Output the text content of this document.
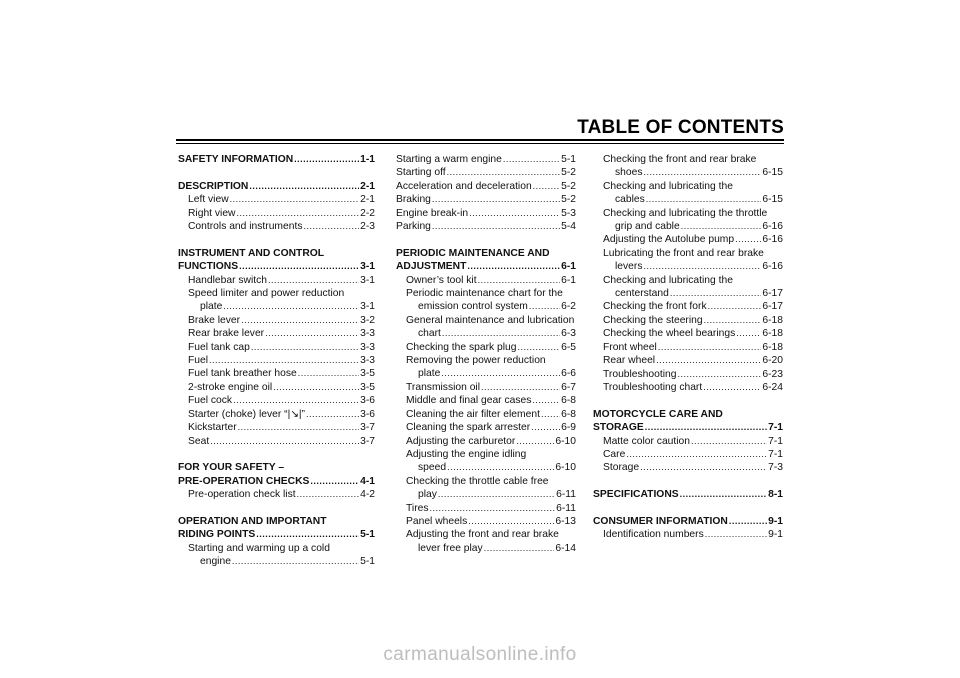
TABLE OF CONTENTS
SAFETY INFORMATION .....	1-1
DESCRIPTION .....	2-1
Left view .....	2-1
Right view .....	2-2
Controls and instruments .....	2-3
INSTRUMENT AND CONTROL
FUNCTIONS .....	3-1
Handlebar switch .....	3-1
Speed limiter and power reduction
plate .....	3-1
Brake lever .....	3-2
Rear brake lever .....	3-3
Fuel tank cap .....	3-3
Fuel .....	3-3
Fuel tank breather hose .....	3-5
2-stroke engine oil .....	3-5
Fuel cock .....	3-6
Starter (choke) lever “|↘|” .....	3-6
Kickstarter .....	3-7
Seat .....	3-7
FOR YOUR SAFETY –
PRE-OPERATION CHECKS .....	4-1
Pre-operation check list .....	4-2
OPERATION AND IMPORTANT
RIDING POINTS .....	5-1
Starting and warming up a cold
engine .....	5-1
Starting a warm engine .....	5-1
Starting off .....	5-2
Acceleration and deceleration .....	5-2
Braking .....	5-2
Engine break-in .....	5-3
Parking .....	5-4
PERIODIC MAINTENANCE AND
ADJUSTMENT .....	6-1
Owner’s tool kit .....	6-1
Periodic maintenance chart for the
emission control system .....	6-2
General maintenance and lubrication
chart .....	6-3
Checking the spark plug .....	6-5
Removing the power reduction
plate .....	6-6
Transmission oil .....	6-7
Middle and final gear cases .....	6-8
Cleaning the air filter element ..... 6-8
Cleaning the spark arrester .....	6-9
Adjusting the carburetor .....	6-10
Adjusting the engine idling
speed .....	6-10
Checking the throttle cable free
play .....	6-11
Tires .....	6-11
Panel wheels .....	6-13
Adjusting the front and rear brake
lever free play .....	6-14
Checking the front and rear brake
shoes .....	6-15
Checking and lubricating the
cables .....	6-15
Checking and lubricating the throttle
grip and cable .....	6-16
Adjusting the Autolube pump .....	6-16
Lubricating the front and rear brake
levers .....	6-16
Checking and lubricating the
centerstand .....	6-17
Checking the front fork .....	6-17
Checking the steering .....	6-18
Checking the wheel bearings .....	6-18
Front wheel .....	6-18
Rear wheel .....	6-20
Troubleshooting .....	6-23
Troubleshooting chart .....	6-24
MOTORCYCLE CARE AND
STORAGE .....	7-1
Matte color caution .....	7-1
Care .....	7-1
Storage .....	7-3
SPECIFICATIONS .....	8-1
CONSUMER INFORMATION .....	9-1
Identification numbers .....	9-1
carmanualsonline.info
